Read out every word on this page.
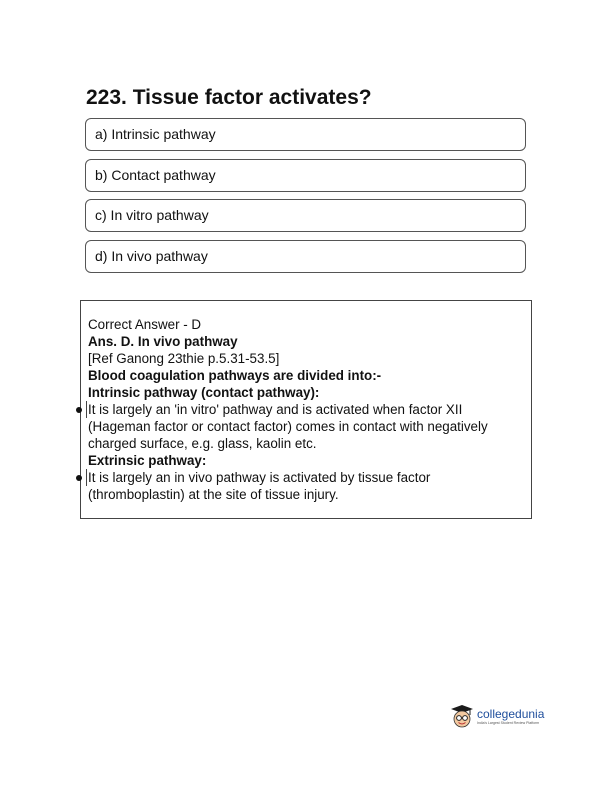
223. Tissue factor activates?
a) Intrinsic pathway
b) Contact pathway
c) In vitro pathway
d) In vivo pathway
Correct Answer - D
Ans. D. In vivo pathway
[Ref Ganong 23thie p.5.31-53.5]
Blood coagulation pathways are divided into:-
Intrinsic pathway (contact pathway):
It is largely an 'in vitro' pathway and is activated when factor XII
(Hageman factor or contact factor) comes in contact with negatively
charged surface, e.g. glass, kaolin etc.
Extrinsic pathway:
It is largely an in vivo pathway is activated by tissue factor
(thromboplastin) at the site of tissue injury.
collegedunia
India's Largest Student Review Platform
